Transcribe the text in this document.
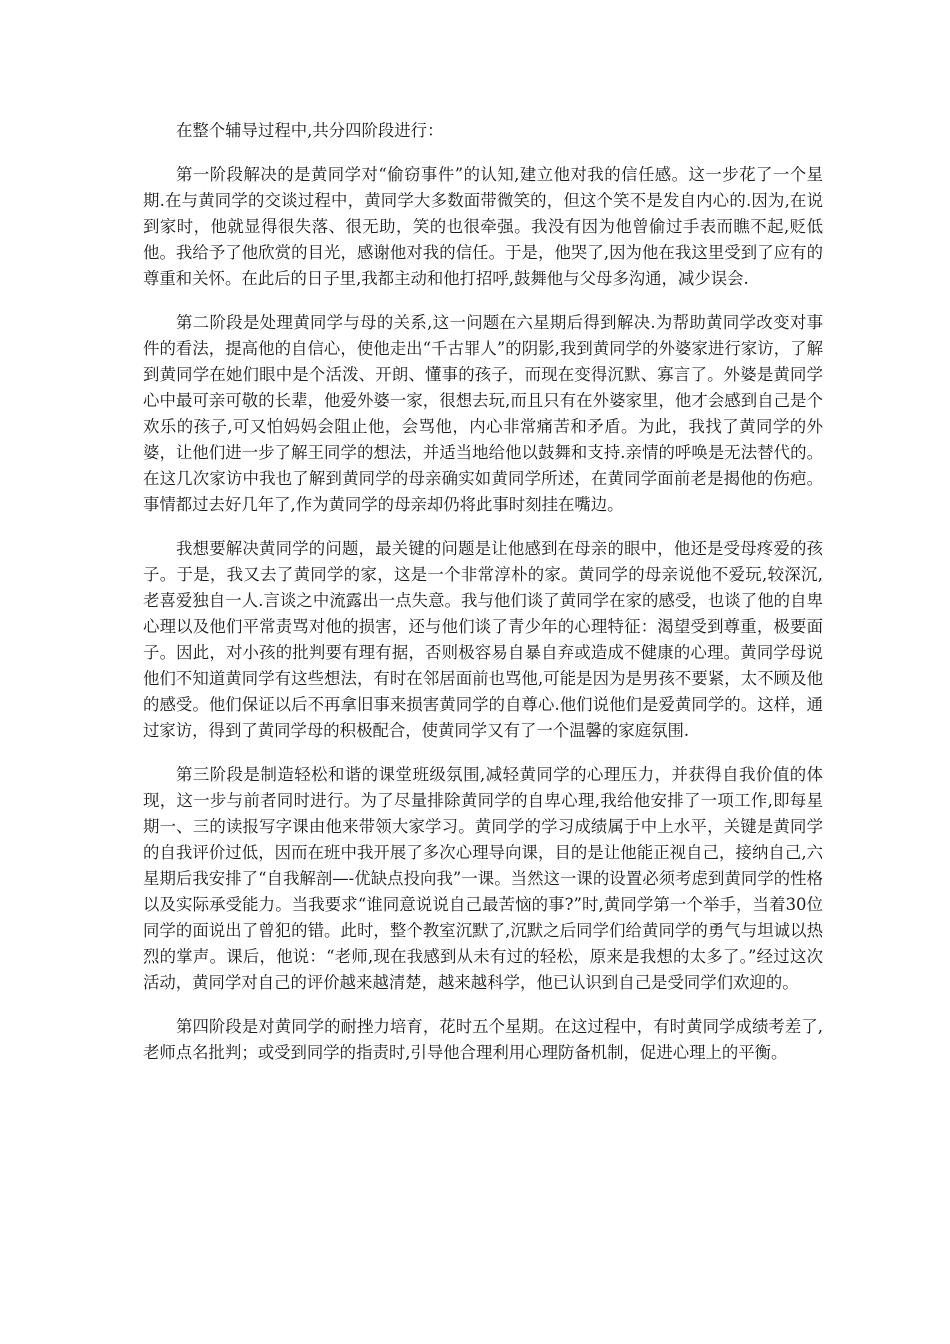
在整个辅导过程中,共分四阶段进行：

第一阶段解决的是黄同学对“偷窃事件”的认知,建立他对我的信任感。这一步花了一个星期.在与黄同学的交谈过程中，黄同学大多数面带微笑的，但这个笑不是发自内心的.因为,在说到家时，他就显得很失落、很无助，笑的也很牵强。我没有因为他曾偷过手表而瞧不起,贬低他。我给予了他欣赏的目光，感谢他对我的信任。于是，他哭了,因为他在我这里受到了应有的尊重和关怀。在此后的日子里,我都主动和他打招呼,鼓舞他与父母多沟通，减少误会.

第二阶段是处理黄同学与母的关系,这一问题在六星期后得到解决.为帮助黄同学改变对事件的看法，提高他的自信心，使他走出“千古罪人”的阴影,我到黄同学的外婆家进行家访，了解到黄同学在她们眼中是个活泼、开朗、懂事的孩子，而现在变得沉默、寡言了。外婆是黄同学心中最可亲可敬的长辈，他爱外婆一家，很想去玩,而且只有在外婆家里，他才会感到自己是个欢乐的孩子,可又怕妈妈会阻止他，会骂他，内心非常痛苦和矛盾。为此，我找了黄同学的外婆，让他们进一步了解王同学的想法，并适当地给他以鼓舞和支持.亲情的呼唤是无法替代的。在这几次家访中我也了解到黄同学的母亲确实如黄同学所述，在黄同学面前老是揭他的伤疤。事情都过去好几年了,作为黄同学的母亲却仍将此事时刻挂在嘴边。

我想要解决黄同学的问题，最关键的问题是让他感到在母亲的眼中，他还是受母疼爱的孩子。于是，我又去了黄同学的家，这是一个非常淳朴的家。黄同学的母亲说他不爱玩,较深沉,老喜爱独自一人.言谈之中流露出一点失意。我与他们谈了黄同学在家的感受，也谈了他的自卑心理以及他们平常责骂对他的损害，还与他们谈了青少年的心理特征：渴望受到尊重，极要面子。因此，对小孩的批判要有理有据，否则极容易自暴自弃或造成不健康的心理。黄同学母说他们不知道黄同学有这些想法，有时在邻居面前也骂他,可能是因为是男孩不要紧，太不顾及他的感受。他们保证以后不再拿旧事来损害黄同学的自尊心.他们说他们是爱黄同学的。这样，通过家访，得到了黄同学母的积极配合，使黄同学又有了一个温馨的家庭氛围.

第三阶段是制造轻松和谐的课堂班级氛围,减轻黄同学的心理压力，并获得自我价值的体现，这一步与前者同时进行。为了尽量排除黄同学的自卑心理,我给他安排了一项工作,即每星期一、三的读报写字课由他来带领大家学习。黄同学的学习成绩属于中上水平，关键是黄同学的自我评价过低，因而在班中我开展了多次心理导向课，目的是让他能正视自己，接纳自己,六星期后我安排了“自我解剖—-优缺点投向我”一课。当然这一课的设置必须考虑到黄同学的性格以及实际承受能力。当我要求“谁同意说说自己最苦恼的事?”时,黄同学第一个举手，当着30位同学的面说出了曾犯的错。此时，整个教室沉默了,沉默之后同学们给黄同学的勇气与坦诚以热烈的掌声。课后，他说：“老师,现在我感到从未有过的轻松，原来是我想的太多了。”经过这次活动，黄同学对自己的评价越来越清楚，越来越科学，他已认识到自己是受同学们欢迎的。

第四阶段是对黄同学的耐挫力培育，花时五个星期。在这过程中，有时黄同学成绩考差了,老师点名批判；或受到同学的指责时,引导他合理利用心理防备机制，促进心理上的平衡。
